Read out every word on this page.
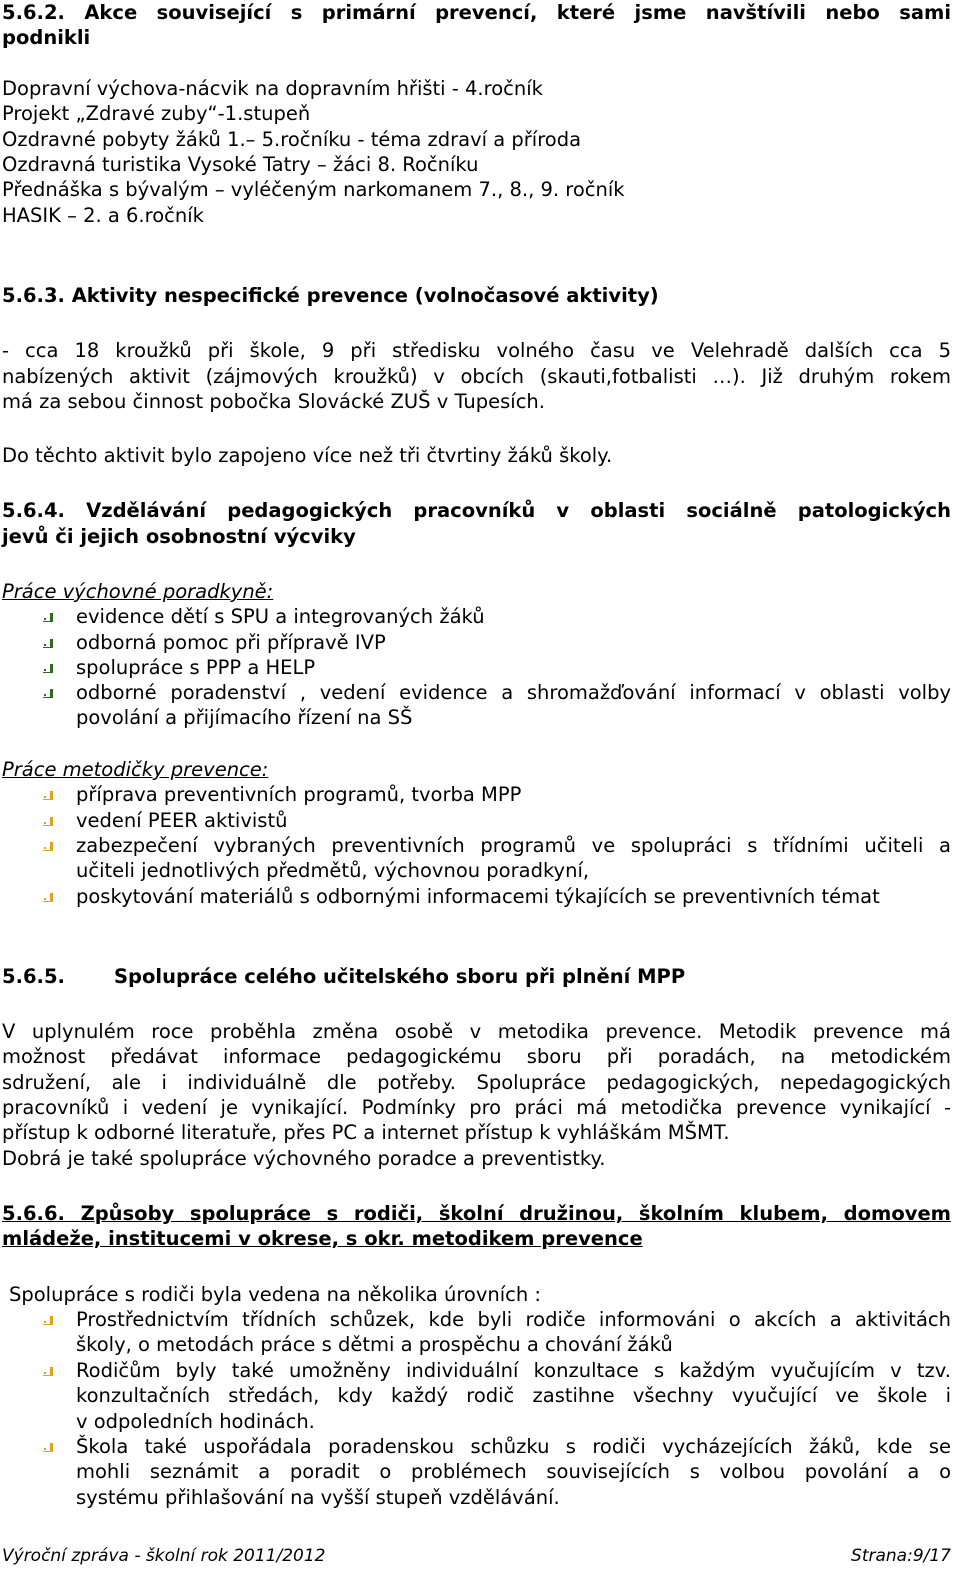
5.6.2. Akce související s primární prevencí, které jsme navštívili nebo sami
podnikli
Dopravní výchova-nácvik na dopravním hřišti - 4.ročník
Projekt „Zdravé zuby“-1.stupeň
Ozdravné pobyty žáků 1.– 5.ročníku - téma zdraví a příroda
Ozdravná turistika Vysoké Tatry – žáci 8. Ročníku
Přednáška s bývalým – vyléčeným narkomanem 7., 8., 9. ročník
HASIK – 2. a 6.ročník
5.6.3. Aktivity nespecifické prevence (volnočasové aktivity)
- cca 18 kroužků při škole, 9 při středisku volného času ve Velehradě dalších cca 5
nabízených aktivit (zájmových kroužků) v obcích (skauti,fotbalisti …). Již druhým rokem
má za sebou činnost pobočka Slovácké ZUŠ v Tupesích.
Do těchto aktivit bylo zapojeno více než tři čtvrtiny žáků školy.
5.6.4. Vzdělávání pedagogických pracovníků v oblasti sociálně patologických
jevů či jejich osobnostní výcviky
Práce výchovné poradkyně:
evidence dětí s SPU a integrovaných žáků
odborná pomoc při přípravě IVP
spolupráce s PPP a HELP
odborné poradenství , vedení evidence a shromažďování informací v oblasti volby
povolání a přijímacího řízení na SŠ
Práce metodičky prevence:
příprava preventivních programů, tvorba MPP
vedení PEER aktivistů
zabezpečení vybraných preventivních programů ve spolupráci s třídními učiteli a
učiteli jednotlivých předmětů, výchovnou poradkyní,
poskytování materiálů s odbornými informacemi týkajících se preventivních témat
5.6.5.	Spolupráce celého učitelského sboru při plnění MPP
V uplynulém roce proběhla změna osobě v metodika prevence. Metodik prevence má
možnost předávat informace pedagogickému sboru při poradách, na metodickém
sdružení, ale i individuálně dle potřeby. Spolupráce pedagogických, nepedagogických
pracovníků i vedení je vynikající. Podmínky pro práci má metodička prevence vynikající -
přístup k odborné literatuře, přes PC a internet přístup k vyhláškám MŠMT.
Dobrá je také spolupráce výchovného poradce a preventistky.
5.6.6. Způsoby spolupráce s rodiči, školní družinou, školním klubem, domovem
mládeže, institucemi v okrese, s okr. metodikem prevence
Spolupráce s rodiči byla vedena na několika úrovních :
Prostřednictvím třídních schůzek, kde byli rodiče informováni o akcích a aktivitách
školy, o metodách práce s dětmi a prospěchu a chování žáků
Rodičům byly také umožněny individuální konzultace s každým vyučujícím v tzv.
konzultačních středách, kdy každý rodič zastihne všechny vyučující ve škole i
v odpoledních hodinách.
Škola také uspořádala poradenskou schůzku s rodiči vycházejících žáků, kde se
mohli seznámit a poradit o problémech souvisejících s volbou povolání a o
systému přihlašování na vyšší stupeň vzdělávání.
Výroční zpráva - školní rok 2011/2012	Strana:9/17
